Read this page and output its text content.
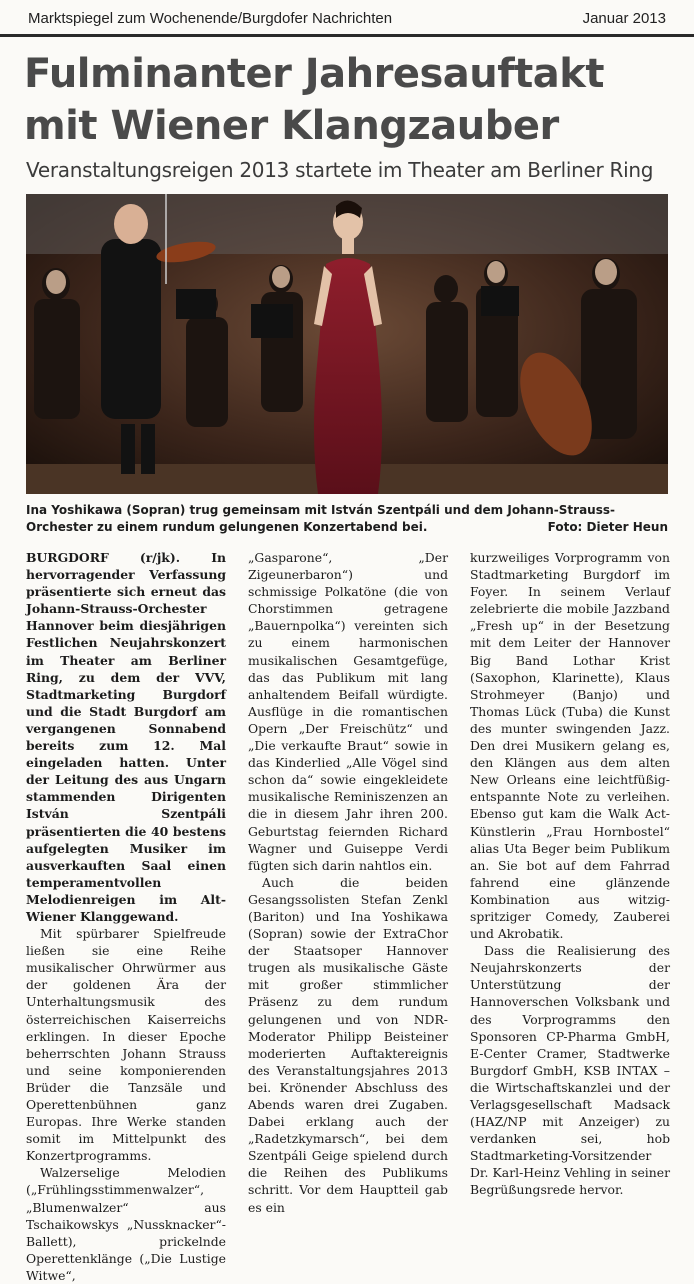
Marktspiegel zum Wochenende/Burgdofer Nachrichten	Januar 2013
Fulminanter Jahresauftakt
mit Wiener Klangzauber
Veranstaltungsreigen 2013 startete im Theater am Berliner Ring
Ina Yoshikawa (Sopran) trug gemeinsam mit István Szentpáli und dem Johann-Strauss-Orchester zu einem rundum gelungenen Konzertabend bei.	Foto: Dieter Heun

BURGDORF (r/jk). In hervorragender Verfassung präsentierte sich erneut das Johann-Strauss-Orchester Hannover beim diesjährigen Festlichen Neujahrskonzert im Theater am Berliner Ring, zu dem der VVV, Stadtmarketing Burgdorf und die Stadt Burgdorf am vergangenen Sonnabend bereits zum 12. Mal eingeladen hatten. Unter der Leitung des aus Ungarn stammenden Dirigenten István Szentpáli präsentierten die 40 bestens aufgelegten Musiker im ausverkauften Saal einen temperamentvollen Melodienreigen im Alt-Wiener Klanggewand.

Mit spürbarer Spielfreude ließen sie eine Reihe musikalischer Ohrwürmer aus der goldenen Ära der Unterhaltungsmusik des österreichischen Kaiserreichs erklingen. In dieser Epoche beherrschten Johann Strauss und seine komponierenden Brüder die Tanzsäle und Operettenbühnen ganz Europas. Ihre Werke standen somit im Mittelpunkt des Konzertprogramms.

Walzerselige Melodien („Frühlingsstimmenwalzer“, „Blumenwalzer“ aus Tschaikowskys „Nussknacker“-Ballett), prickelnde Operettenklänge („Die Lustige Witwe“,

„Gasparone“, „Der Zigeunerbaron“) und schmissige Polkatöne (die von Chorstimmen getragene „Bauernpolka“) vereinten sich zu einem harmonischen musikalischen Gesamtgefüge, das das Publikum mit lang anhaltendem Beifall würdigte. Ausflüge in die romantischen Opern „Der Freischütz“ und „Die verkaufte Braut“ sowie in das Kinderlied „Alle Vögel sind schon da“ sowie eingekleidete musikalische Reminiszenzen an die in diesem Jahr ihren 200. Geburtstag feiernden Richard Wagner und Guiseppe Verdi fügten sich darin nahtlos ein.

Auch die beiden Gesangssolisten Stefan Zenkl (Bariton) und Ina Yoshikawa (Sopran) sowie der ExtraChor der Staatsoper Hannover trugen als musikalische Gäste mit großer stimmlicher Präsenz zu dem rundum gelungenen und von NDR-Moderator Philipp Beisteiner moderierten Auftaktereignis des Veranstaltungsjahres 2013 bei. Krönender Abschluss des Abends waren drei Zugaben. Dabei erklang auch der „Radetzkymarsch“, bei dem Szentpáli Geige spielend durch die Reihen des Publikums schritt. Vor dem Hauptteil gab es ein

kurzweiliges Vorprogramm von Stadtmarketing Burgdorf im Foyer. In seinem Verlauf zelebrierte die mobile Jazzband „Fresh up“ in der Besetzung mit dem Leiter der Hannover Big Band Lothar Krist (Saxophon, Klarinette), Klaus Strohmeyer (Banjo) und Thomas Lück (Tuba) die Kunst des munter swingenden Jazz. Den drei Musikern gelang es, den Klängen aus dem alten New Orleans eine leichtfüßig-entspannte Note zu verleihen. Ebenso gut kam die Walk Act-Künstlerin „Frau Hornbostel“ alias Uta Beger beim Publikum an. Sie bot auf dem Fahrrad fahrend eine glänzende Kombination aus witzig-spritziger Comedy, Zauberei und Akrobatik.

Dass die Realisierung des Neujahrskonzerts der Unterstützung der Hannoverschen Volksbank und des Vorprogramms den Sponsoren CP-Pharma GmbH, E-Center Cramer, Stadtwerke Burgdorf GmbH, KSB INTAX – die Wirtschaftskanzlei und der Verlagsgesellschaft Madsack (HAZ/NP mit Anzeiger) zu verdanken sei, hob Stadtmarketing-Vorsitzender Dr. Karl-Heinz Vehling in seiner Begrüßungsrede hervor.
